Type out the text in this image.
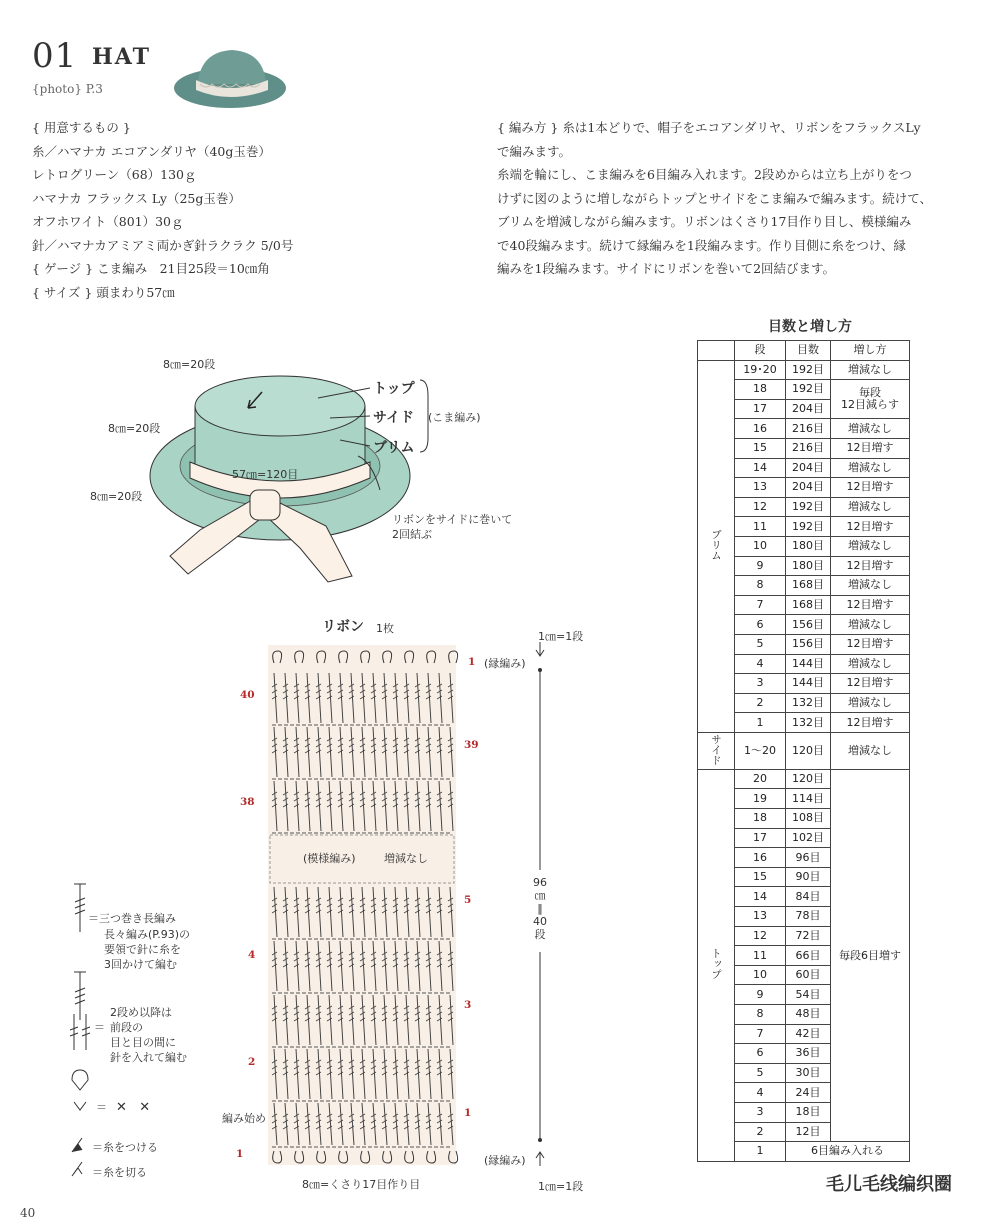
01 HAT
{photo} P.3
{ 用意するもの }
糸／ハマナカ エコアンダリヤ（40g玉巻）
レトログリーン（68）130ｇ
ハマナカ フラックス Ly（25g玉巻）
オフホワイト（801）30ｇ
針／ハマナカアミアミ両かぎ針ラクラク 5/0号
{ ゲージ } こま編み　21目25段＝10㎝角
{ サイズ } 頭まわり57㎝
{ 編み方 } 糸は1本どりで、帽子をエコアンダリヤ、リボンをフラックスLy
で編みます。
糸端を輪にし、こま編みを6目編み入れます。2段めからは立ち上がりをつ
けずに図のように増しながらトップとサイドをこま編みで編みます。続けて、
ブリムを増減しながら編みます。リボンはくさり17目作り目し、模様編み
で40段編みます。続けて縁編みを1段編みます。作り目側に糸をつけ、縁
編みを1段編みます。サイドにリボンを巻いて2回結びます。
8㎝=20段
8㎝=20段
8㎝=20段
57㎝=120目
トップ
サイド
ブリム
(こま編み)
リボンをサイドに巻いて
2回結ぶ
リボン 1枚
(模様編み)	増減なし
(縁編み)
(縁編み)
編み始め
8㎝=くさり17目作り目
1㎝=1段
1㎝=1段
96
㎝
‖
40
段
1
40
39
38
5
4
3
2
1
1
＝三つ巻き長編み
長々編み(P.93)の
要領で針に糸を
3回かけて編む
2段め以降は
＝ 前段の
目と目の間に
針を入れて編む
＝ ✕   ✕
＝糸をつける
＝糸を切る
目数と増し方
	段	目数	増し方
ブリム	19･20	192目	増減なし
	18	192目	毎段
12目減らす
	17	204目	
	16	216目	増減なし
	15	216目	12目増す
	14	204目	増減なし
	13	204目	12目増す
	12	192目	増減なし
	11	192目	12目増す
	10	180目	増減なし
	9	180目	12目増す
	8	168目	増減なし
	7	168目	12目増す
	6	156目	増減なし
	5	156目	12目増す
	4	144目	増減なし
	3	144目	12目増す
	2	132目	増減なし
	1	132目	12目増す
サイド	1〜20	120目	増減なし
トップ	20	120目	毎段6目増す
	19	114目	
	18	108目	
	17	102目	
	16	96目	
	15	90目	
	14	84目	
	13	78目	
	12	72目	
	11	66目	
	10	60目	
	9	54目	
	8	48目	
	7	42目	
	6	36目	
	5	30目	
	4	24目	
	3	18目	
	2	12目	
	1	6目編み入れる	
40
毛儿毛线编织圈
